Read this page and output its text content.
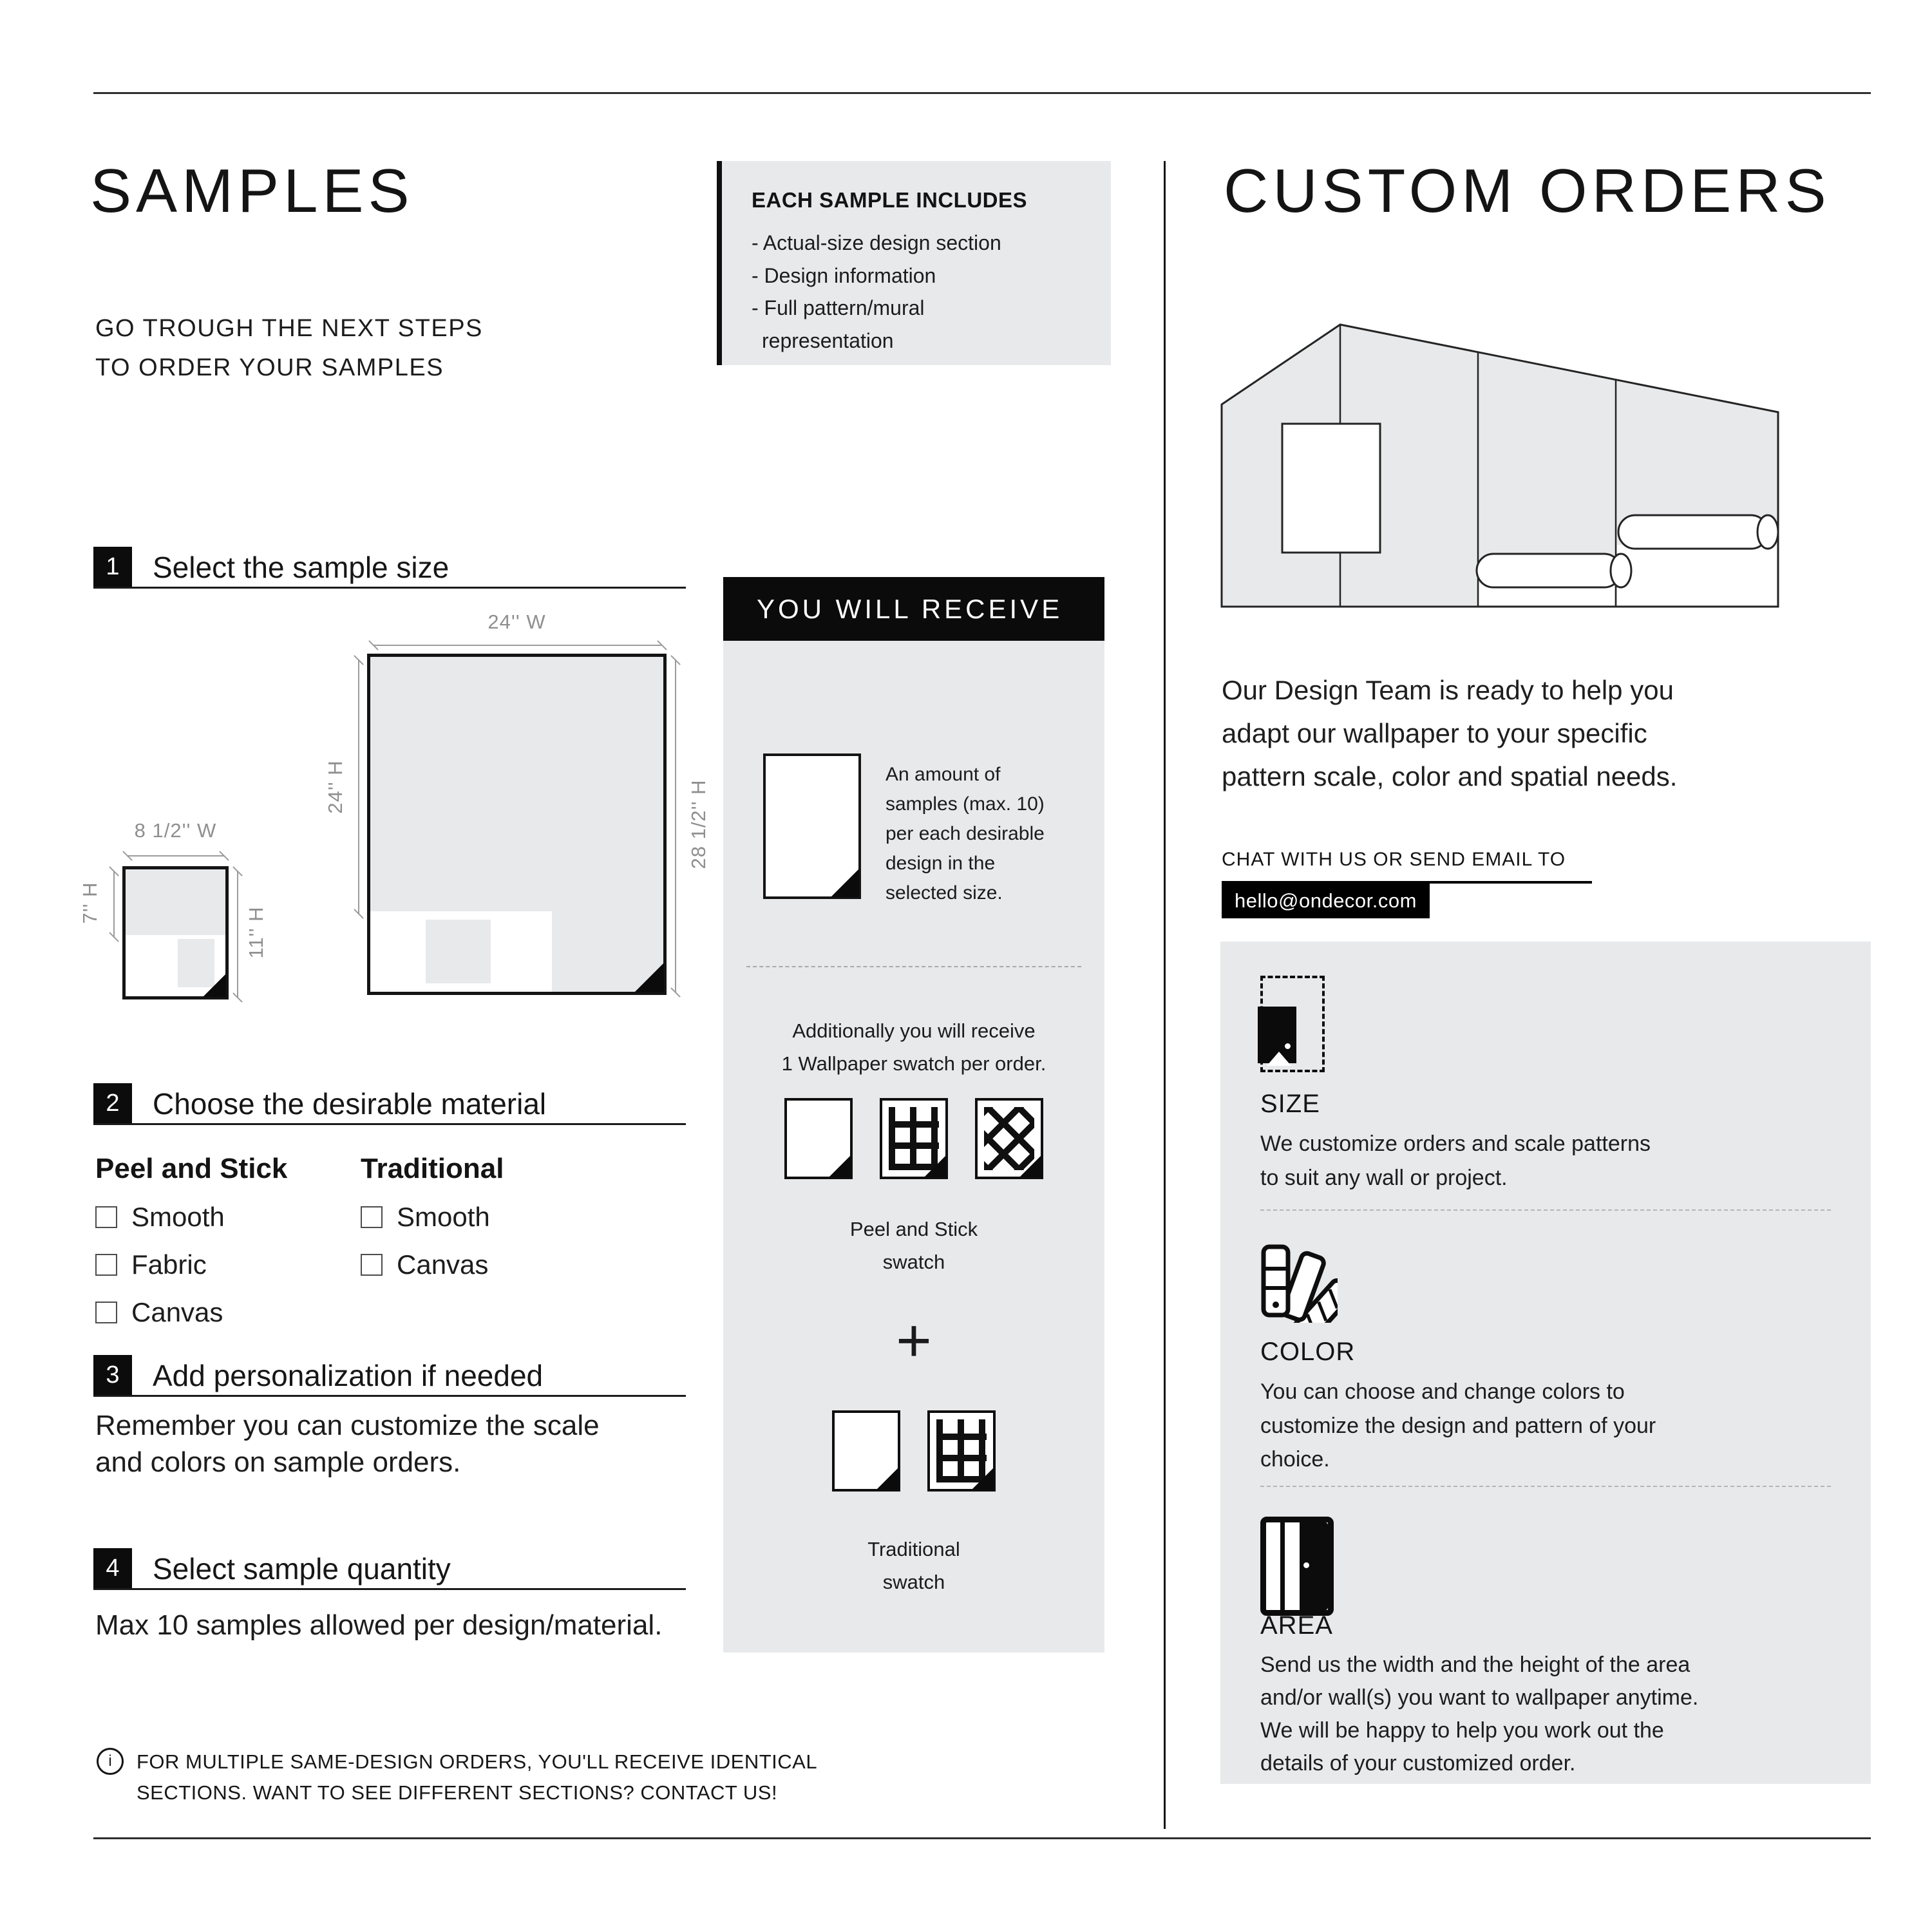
SAMPLES
GO TROUGH THE NEXT STEPS
TO ORDER YOUR SAMPLES
1	Select the sample size
24'' W
24'' H	28 1/2'' H
8 1/2'' W
7'' H
11'' H
2	Choose the desirable material
Peel and Stick
Smooth
Fabric
Canvas
Traditional
Smooth
Canvas
3	Add personalization if needed
Remember you can customize the scale
and colors on sample orders.
4	Select sample quantity
Max 10 samples allowed per design/material.
i	FOR MULTIPLE SAME-DESIGN ORDERS, YOU'LL RECEIVE IDENTICAL
SECTIONS. WANT TO SEE DIFFERENT SECTIONS? CONTACT US!
EACH SAMPLE INCLUDES
- Actual-size design section
- Design information
- Full pattern/mural
representation
YOU WILL RECEIVE
An amount of
samples (max. 10)
per each desirable
design in the
selected size.
Additionally you will receive
1 Wallpaper swatch per order.
Peel and Stick
swatch
+
Traditional
swatch
CUSTOM ORDERS
Our Design Team is ready to help you
adapt our wallpaper to your specific
pattern scale, color and spatial needs.
CHAT WITH US OR SEND EMAIL TO
hello@ondecor.com
SIZE
We customize orders and scale patterns
to suit any wall or project.
COLOR
You can choose and change colors to
customize the design and pattern of your
choice.
AREA
Send us the width and the height of the area
and/or wall(s) you want to wallpaper anytime.
We will be happy to help you work out the
details of your customized order.
